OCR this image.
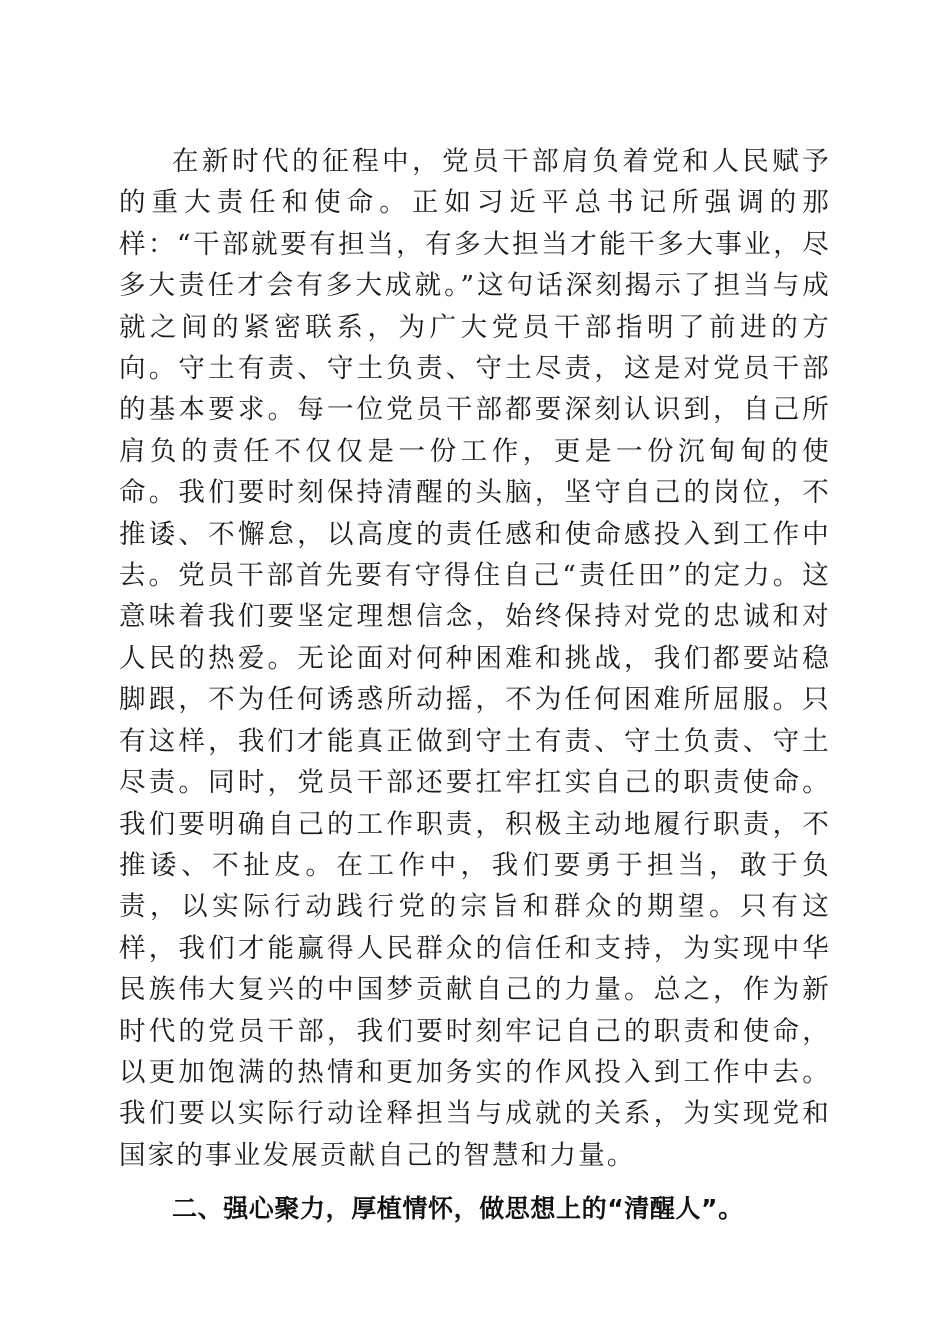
在新时代的征程中，党员干部肩负着党和人民赋予的重大责任和使命。正如习近平总书记所强调的那样：“干部就要有担当，有多大担当才能干多大事业，尽多大责任才会有多大成就。”这句话深刻揭示了担当与成就之间的紧密联系，为广大党员干部指明了前进的方向。守土有责、守土负责、守土尽责，这是对党员干部的基本要求。每一位党员干部都要深刻认识到，自己所肩负的责任不仅仅是一份工作，更是一份沉甸甸的使命。我们要时刻保持清醒的头脑，坚守自己的岗位，不推诿、不懈怠，以高度的责任感和使命感投入到工作中去。党员干部首先要有守得住自己“责任田”的定力。这意味着我们要坚定理想信念，始终保持对党的忠诚和对人民的热爱。无论面对何种困难和挑战，我们都要站稳脚跟，不为任何诱惑所动摇，不为任何困难所屈服。只有这样，我们才能真正做到守土有责、守土负责、守土尽责。同时，党员干部还要扛牢扛实自己的职责使命。我们要明确自己的工作职责，积极主动地履行职责，不推诿、不扯皮。在工作中，我们要勇于担当，敢于负责，以实际行动践行党的宗旨和群众的期望。只有这样，我们才能赢得人民群众的信任和支持，为实现中华民族伟大复兴的中国梦贡献自己的力量。总之，作为新时代的党员干部，我们要时刻牢记自己的职责和使命，以更加饱满的热情和更加务实的作风投入到工作中去。我们要以实际行动诠释担当与成就的关系，为实现党和国家的事业发展贡献自己的智慧和力量。

二、强心聚力，厚植情怀，做思想上的“清醒人”。
